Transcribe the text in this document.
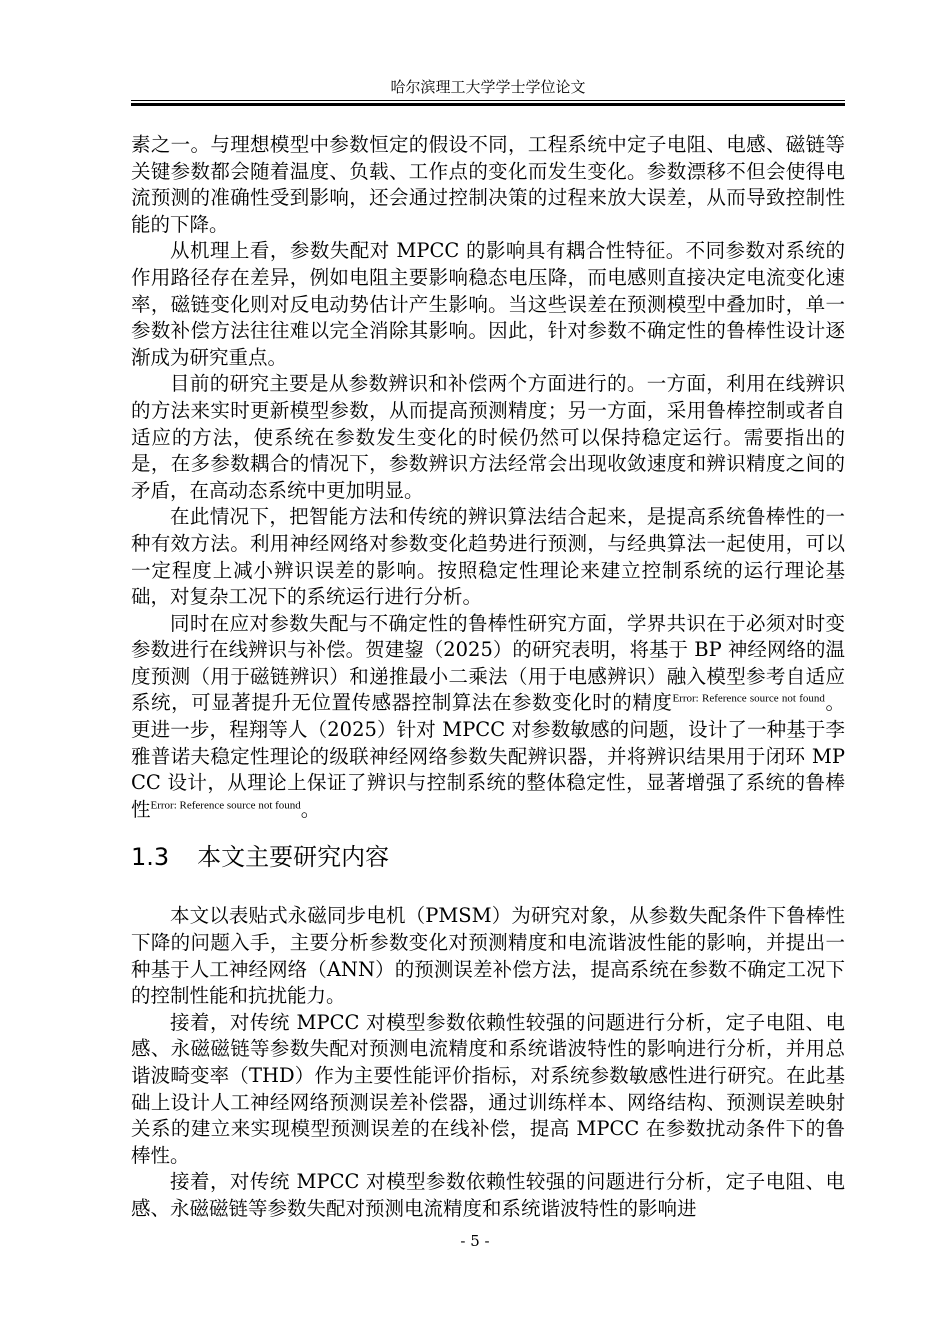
哈尔滨理工大学学士学位论文

素之一。与理想模型中参数恒定的假设不同，工程系统中定子电阻、电感、磁链等关键参数都会随着温度、负载、工作点的变化而发生变化。参数漂移不但会使得电流预测的准确性受到影响，还会通过控制决策的过程来放大误差，从而导致控制性能的下降。

从机理上看，参数失配对 MPCC 的影响具有耦合性特征。不同参数对系统的作用路径存在差异，例如电阻主要影响稳态电压降，而电感则直接决定电流变化速率，磁链变化则对反电动势估计产生影响。当这些误差在预测模型中叠加时，单一参数补偿方法往往难以完全消除其影响。因此，针对参数不确定性的鲁棒性设计逐渐成为研究重点。

目前的研究主要是从参数辨识和补偿两个方面进行的。一方面，利用在线辨识的方法来实时更新模型参数，从而提高预测精度；另一方面，采用鲁棒控制或者自适应的方法，使系统在参数发生变化的时候仍然可以保持稳定运行。需要指出的是，在多参数耦合的情况下，参数辨识方法经常会出现收敛速度和辨识精度之间的矛盾，在高动态系统中更加明显。

在此情况下，把智能方法和传统的辨识算法结合起来，是提高系统鲁棒性的一种有效方法。利用神经网络对参数变化趋势进行预测，与经典算法一起使用，可以一定程度上减小辨识误差的影响。按照稳定性理论来建立控制系统的运行理论基础，对复杂工况下的系统运行进行分析。

同时在应对参数失配与不确定性的鲁棒性研究方面，学界共识在于必须对时变参数进行在线辨识与补偿。贺建鋆（2025）的研究表明，将基于 BP 神经网络的温度预测（用于磁链辨识）和递推最小二乘法（用于电感辨识）融入模型参考自适应系统，可显著提升无位置传感器控制算法在参数变化时的精度$^{Error: Reference source not found}$。更进一步，程翔等人（2025）针对 MPCC 对参数敏感的问题，设计了一种基于李雅普诺夫稳定性理论的级联神经网络参数失配辨识器，并将辨识结果用于闭环 MPCC 设计，从理论上保证了辨识与控制系统的整体稳定性，显著增强了系统的鲁棒性$^{Error: Reference source not found}$。

1.3 本文主要研究内容

本文以表贴式永磁同步电机（PMSM）为研究对象，从参数失配条件下鲁棒性下降的问题入手，主要分析参数变化对预测精度和电流谐波性能的影响，并提出一种基于人工神经网络（ANN）的预测误差补偿方法，提高系统在参数不确定工况下的控制性能和抗扰能力。

接着，对传统 MPCC 对模型参数依赖性较强的问题进行分析，定子电阻、电感、永磁磁链等参数失配对预测电流精度和系统谐波特性的影响进行分析，并用总谐波畸变率（THD）作为主要性能评价指标，对系统参数敏感性进行研究。在此基础上设计人工神经网络预测误差补偿器，通过训练样本、网络结构、预测误差映射关系的建立来实现模型预测误差的在线补偿，提高 MPCC 在参数扰动条件下的鲁棒性。

接着，对传统 MPCC 对模型参数依赖性较强的问题进行分析，定子电阻、电感、永磁磁链等参数失配对预测电流精度和系统谐波特性的影响进

- 5 -
